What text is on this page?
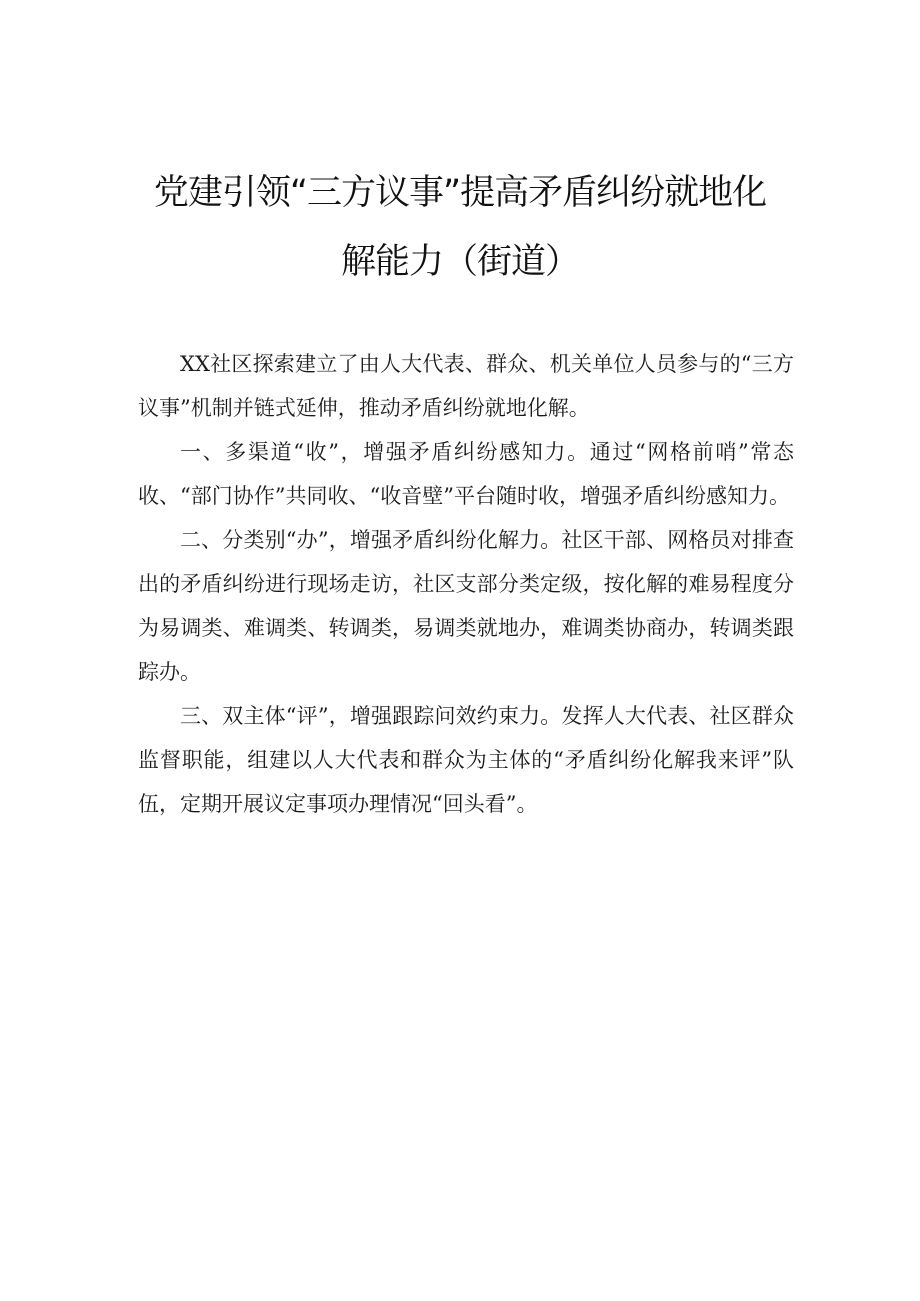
党建引领“三方议事”提高矛盾纠纷就地化
解能力（街道）

XX社区探索建立了由人大代表、群众、机关单位人员参与的“三方议事”机制并链式延伸，推动矛盾纠纷就地化解。

一、多渠道“收”，增强矛盾纠纷感知力。通过“网格前哨”常态收、“部门协作”共同收、“收音壁”平台随时收，增强矛盾纠纷感知力。

二、分类别“办”，增强矛盾纠纷化解力。社区干部、网格员对排查出的矛盾纠纷进行现场走访，社区支部分类定级，按化解的难易程度分为易调类、难调类、转调类，易调类就地办，难调类协商办，转调类跟踪办。

三、双主体“评”，增强跟踪问效约束力。发挥人大代表、社区群众监督职能，组建以人大代表和群众为主体的“矛盾纠纷化解我来评”队伍，定期开展议定事项办理情况“回头看”。
